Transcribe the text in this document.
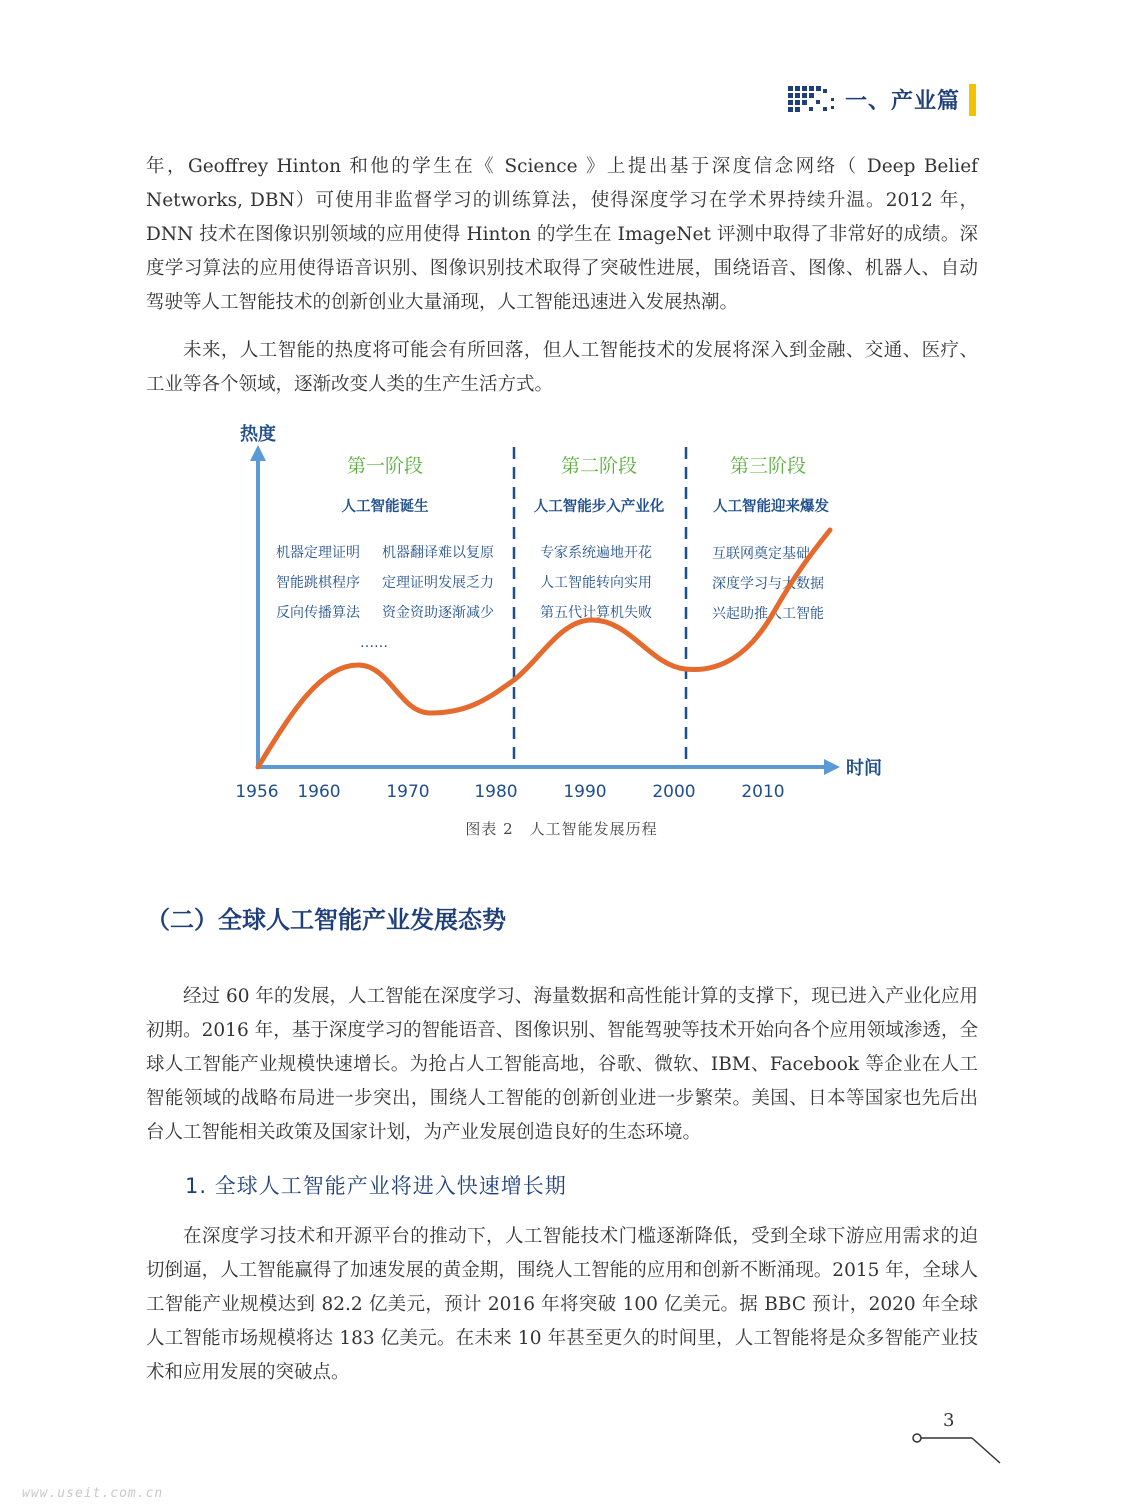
一、产业篇

年，Geoffrey Hinton 和他的学生在《 Science 》上提出基于深度信念网络（ Deep Belief Networks, DBN）可使用非监督学习的训练算法，使得深度学习在学术界持续升温。2012 年，DNN 技术在图像识别领域的应用使得 Hinton 的学生在 ImageNet 评测中取得了非常好的成绩。深度学习算法的应用使得语音识别、图像识别技术取得了突破性进展，围绕语音、图像、机器人、自动驾驶等人工智能技术的创新创业大量涌现，人工智能迅速进入发展热潮。

未来，人工智能的热度将可能会有所回落，但人工智能技术的发展将深入到金融、交通、医疗、工业等各个领域，逐渐改变人类的生产生活方式。

热度
时间
1956 1960	1970	1980	1990	2000	2010
第一阶段	第二阶段	第三阶段
人工智能诞生	人工智能步入产业化	人工智能迎来爆发
机器定理证明
智能跳棋程序
反向传播算法
……
机器翻译难以复原
定理证明发展乏力
资金资助逐渐减少
专家系统遍地开花
人工智能转向实用
第五代计算机失败
互联网奠定基础
深度学习与大数据
兴起助推人工智能
图表 2　人工智能发展历程
（二）全球人工智能产业发展态势

经过 60 年的发展，人工智能在深度学习、海量数据和高性能计算的支撑下，现已进入产业化应用初期。2016 年，基于深度学习的智能语音、图像识别、智能驾驶等技术开始向各个应用领域渗透，全球人工智能产业规模快速增长。为抢占人工智能高地，谷歌、微软、IBM、Facebook 等企业在人工智能领域的战略布局进一步突出，围绕人工智能的创新创业进一步繁荣。美国、日本等国家也先后出台人工智能相关政策及国家计划，为产业发展创造良好的生态环境。

1. 全球人工智能产业将进入快速增长期

在深度学习技术和开源平台的推动下，人工智能技术门槛逐渐降低，受到全球下游应用需求的迫切倒逼，人工智能赢得了加速发展的黄金期，围绕人工智能的应用和创新不断涌现。2015 年，全球人工智能产业规模达到 82.2 亿美元，预计 2016 年将突破 100 亿美元。据 BBC 预计，2020 年全球人工智能市场规模将达 183 亿美元。在未来 10 年甚至更久的时间里，人工智能将是众多智能产业技术和应用发展的突破点。

3
www.useit.com.cn
